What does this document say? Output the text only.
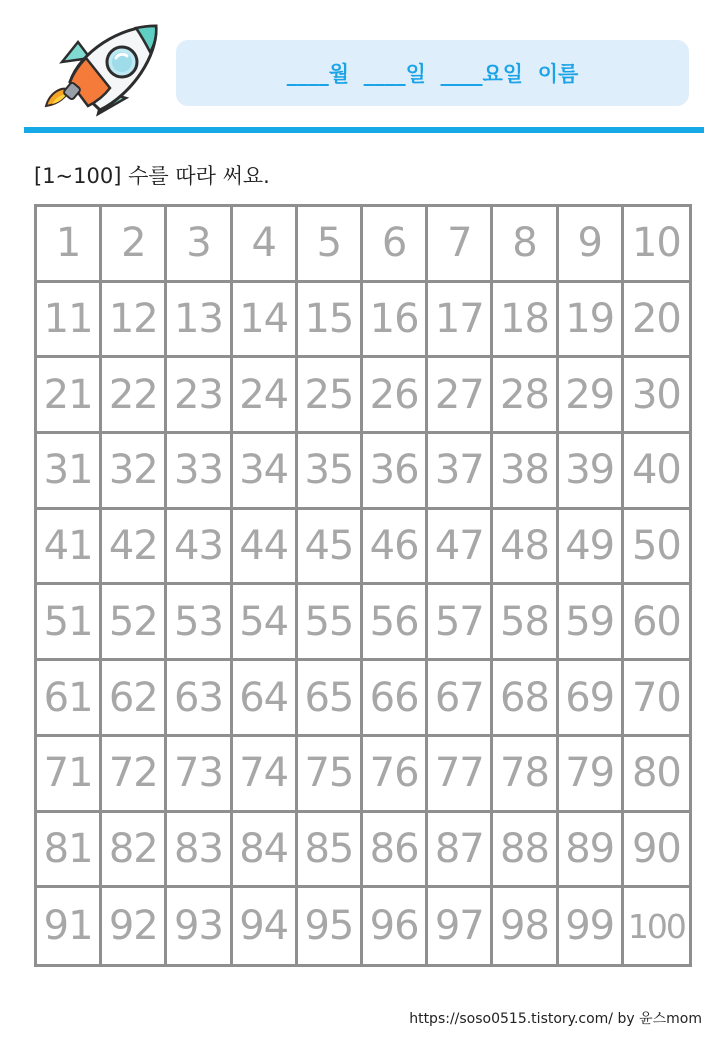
____월  ____일  ____요일  이름
[1~100] 수를 따라 써요.
1	2	3	4	5	6	7	8	9 10
11 12 13 14 15 16 17 18 19 20
21 22 23 24 25 26 27 28 29 30
31 32 33 34 35 36 37 38 39 40
41 42 43 44 45 46 47 48 49 50
51 52 53 54 55 56 57 58 59 60
61 62 63 64 65 66 67 68 69 70
71 72 73 74 75 76 77 78 79 80
81 82 83 84 85 86 87 88 89 90
91 92 93 94 95 96 97 98 99 100
https://soso0515.tistory.com/ by 윤스mom
